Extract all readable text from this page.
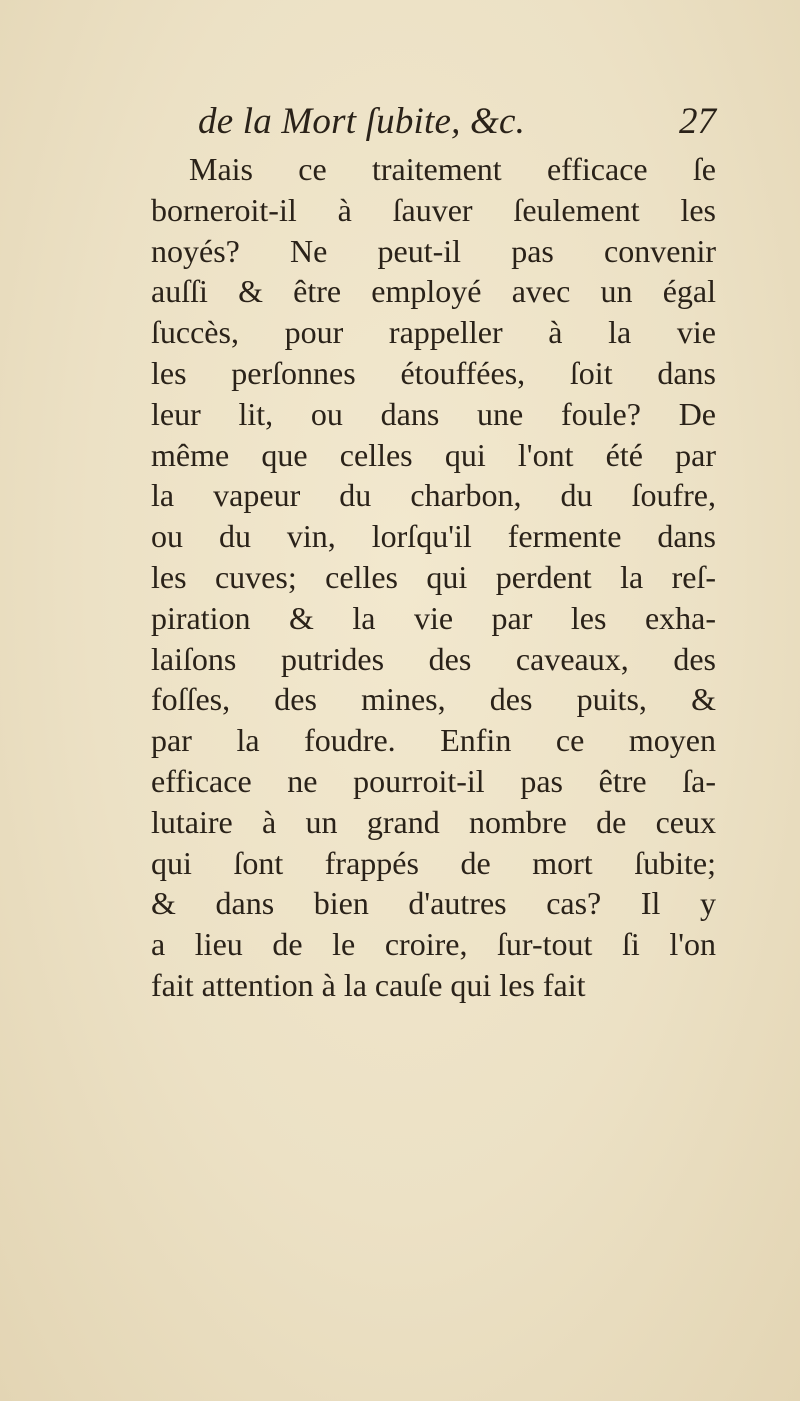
de la Mort ſubite, &c.	27
Mais ce traitement efficace ſe
borneroit-il à ſauver ſeulement les
noyés? Ne peut-il pas convenir
auſſi & être employé avec un égal
ſuccès, pour rappeller à la vie
les perſonnes étouffées, ſoit dans
leur lit, ou dans une foule? De
même que celles qui l'ont été par
la vapeur du charbon, du ſoufre,
ou du vin, lorſqu'il fermente dans
les cuves; celles qui perdent la reſ-
piration & la vie par les exha-
laiſons putrides des caveaux, des
foſſes, des mines, des puits, &
par la foudre. Enfin ce moyen
efficace ne pourroit-il pas être ſa-
lutaire à un grand nombre de ceux
qui ſont frappés de mort ſubite;
& dans bien d'autres cas? Il y
a lieu de le croire, ſur-tout ſi l'on
fait attention à la cauſe qui les fait
